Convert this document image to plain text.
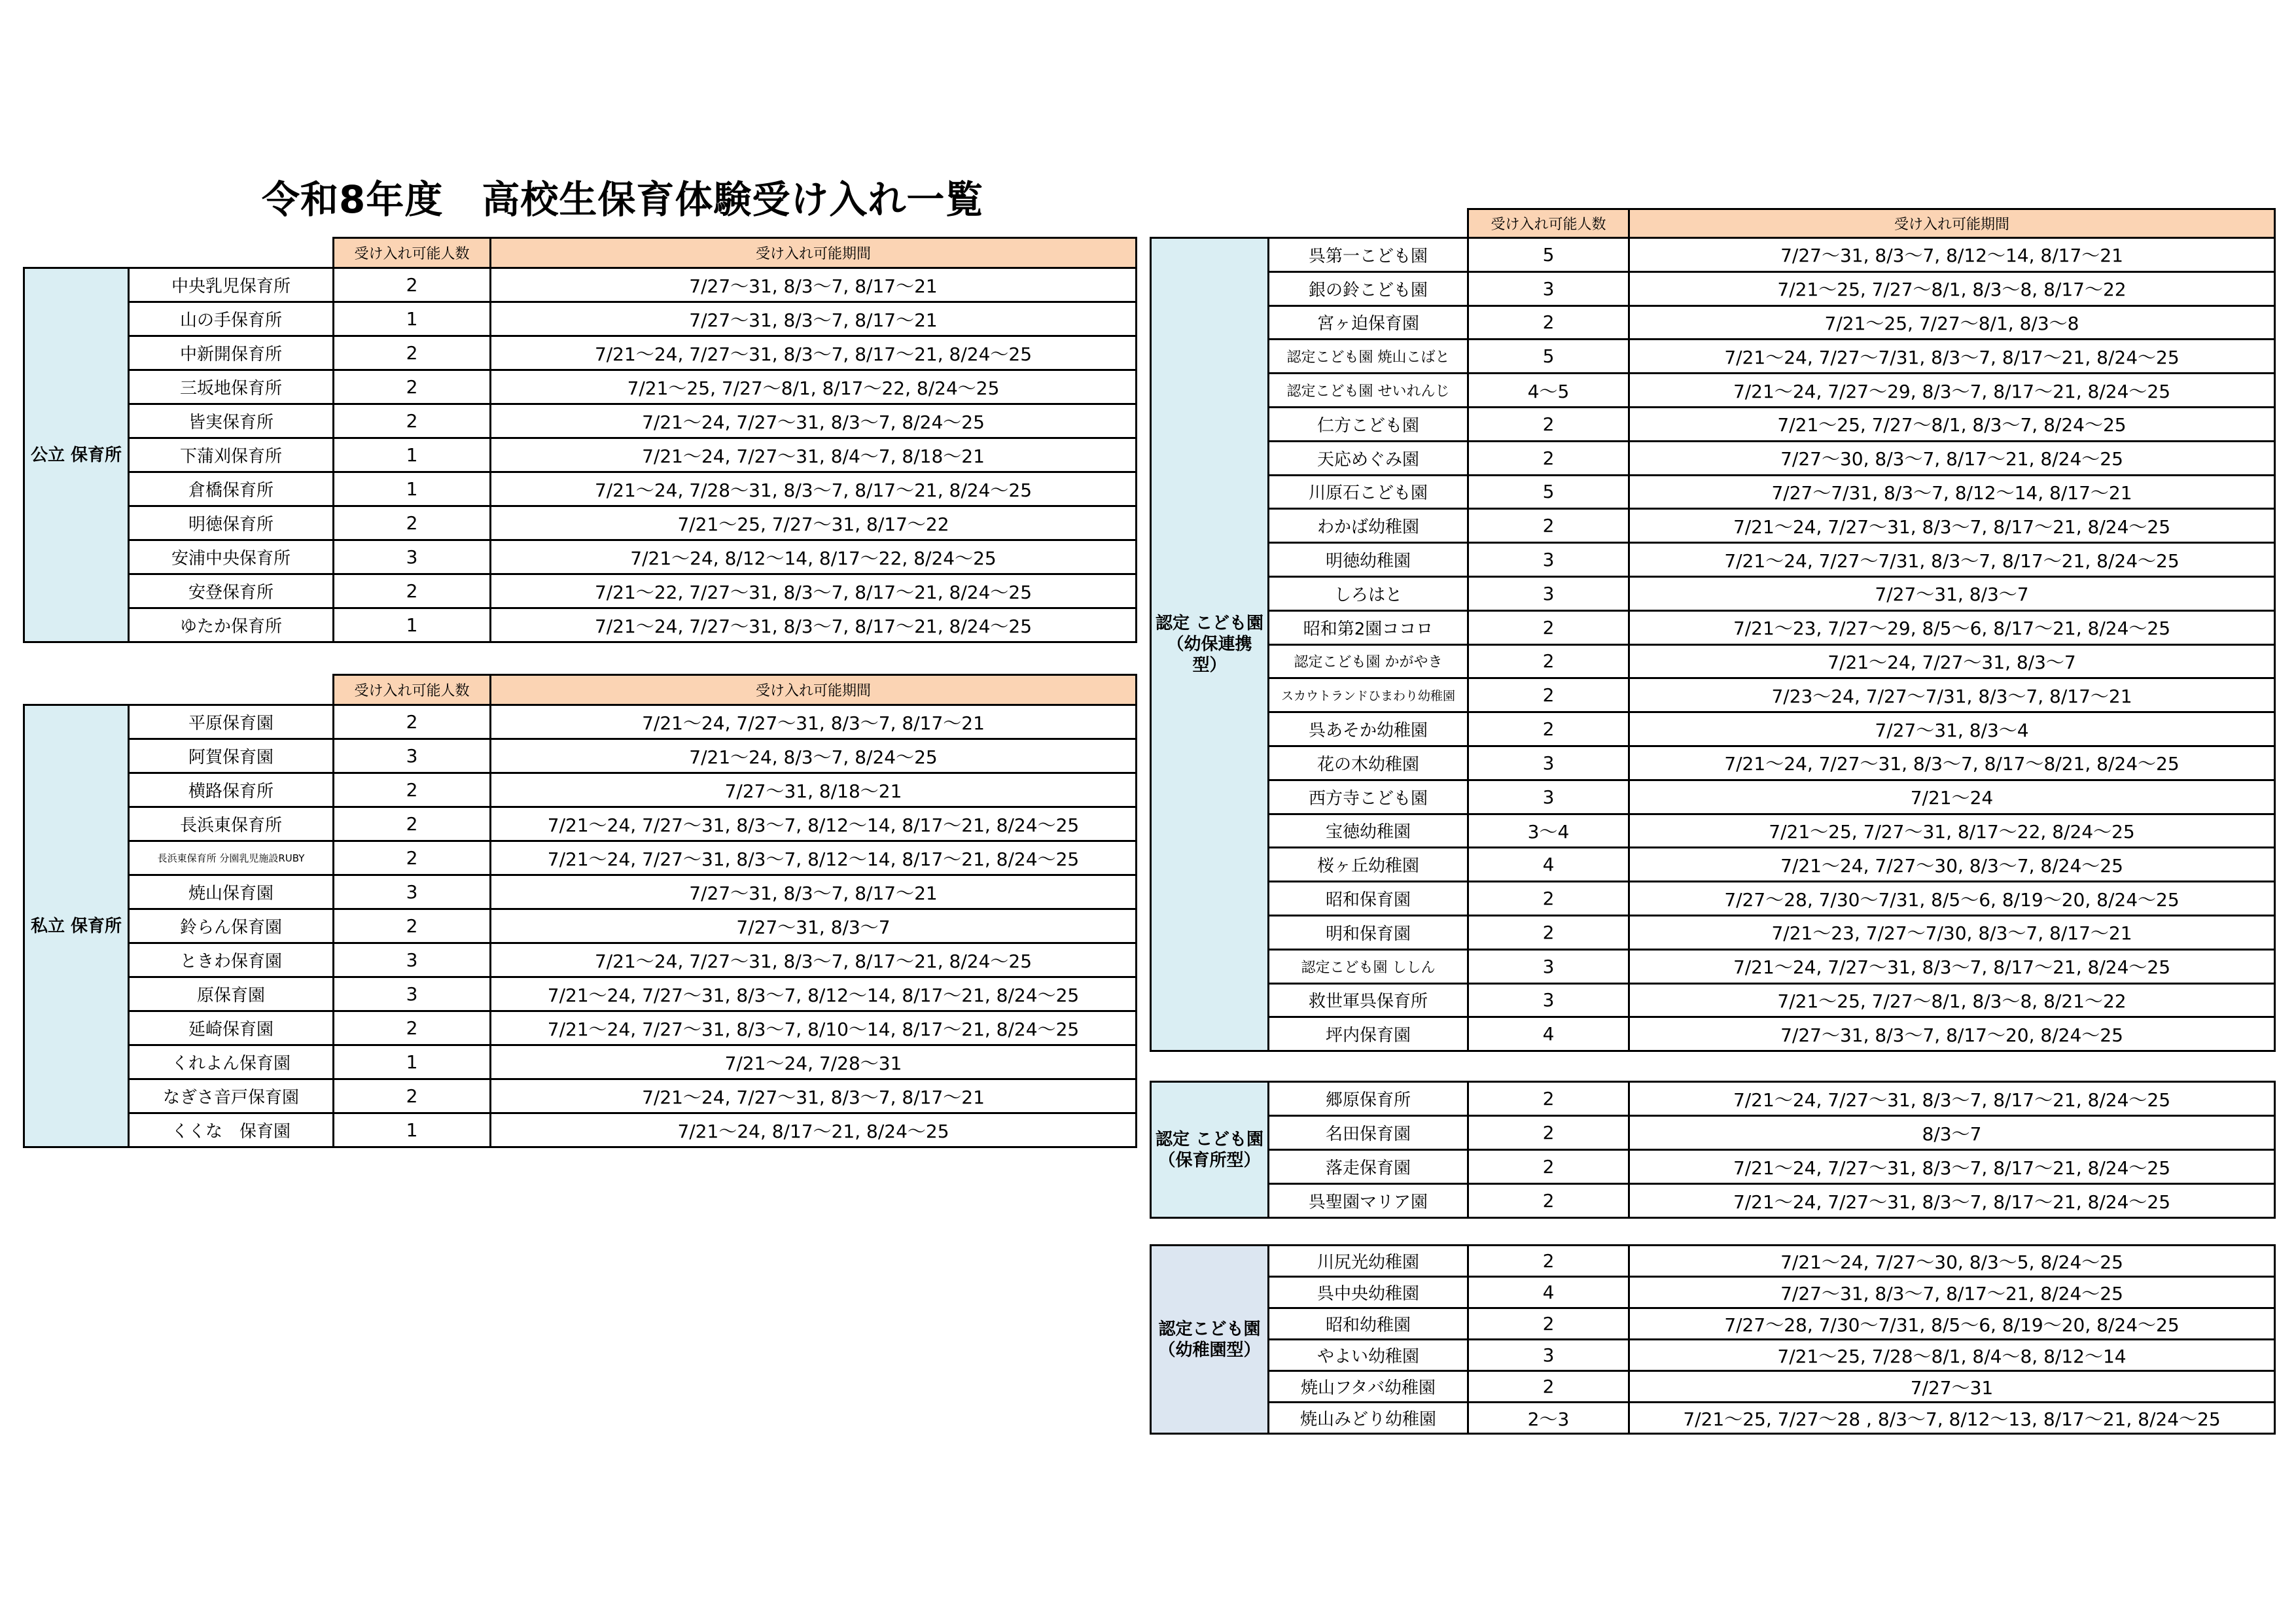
令和8年度　高校生保育体験受け入れ一覧
		受け入れ可能人数	受け入れ可能期間
公立 保育所	中央乳児保育所	2	7/27〜31, 8/3〜7, 8/17〜21
	山の手保育所	1	7/27〜31, 8/3〜7, 8/17〜21
	中新開保育所	2	7/21〜24, 7/27〜31, 8/3〜7, 8/17〜21, 8/24〜25
	三坂地保育所	2	7/21〜25, 7/27〜8/1, 8/17〜22, 8/24〜25
	皆実保育所	2	7/21〜24, 7/27〜31, 8/3〜7, 8/24〜25
	下蒲刈保育所	1	7/21〜24, 7/27〜31, 8/4〜7, 8/18〜21
	倉橋保育所	1	7/21〜24, 7/28〜31, 8/3〜7, 8/17〜21, 8/24〜25
	明徳保育所	2	7/21〜25, 7/27〜31, 8/17〜22
	安浦中央保育所	3	7/21〜24, 8/12〜14, 8/17〜22, 8/24〜25
	安登保育所	2	7/21〜22, 7/27〜31, 8/3〜7, 8/17〜21, 8/24〜25
	ゆたか保育所	1	7/21〜24, 7/27〜31, 8/3〜7, 8/17〜21, 8/24〜25
		受け入れ可能人数	受け入れ可能期間
私立 保育所	平原保育園	2	7/21〜24, 7/27〜31, 8/3〜7, 8/17〜21
	阿賀保育園	3	7/21〜24, 8/3〜7, 8/24〜25
	横路保育所	2	7/27〜31, 8/18〜21
	長浜東保育所	2	7/21〜24, 7/27〜31, 8/3〜7, 8/12〜14, 8/17〜21, 8/24〜25
	長浜東保育所 分園乳児施設RUBY	2	7/21〜24, 7/27〜31, 8/3〜7, 8/12〜14, 8/17〜21, 8/24〜25
	焼山保育園	3	7/27〜31, 8/3〜7, 8/17〜21
	鈴らん保育園	2	7/27〜31, 8/3〜7
	ときわ保育園	3	7/21〜24, 7/27〜31, 8/3〜7, 8/17〜21, 8/24〜25
	原保育園	3	7/21〜24, 7/27〜31, 8/3〜7, 8/12〜14, 8/17〜21, 8/24〜25
	延崎保育園	2	7/21〜24, 7/27〜31, 8/3〜7, 8/10〜14, 8/17〜21, 8/24〜25
	くれよん保育園	1	7/21〜24, 7/28〜31
	なぎさ音戸保育園	2	7/21〜24, 7/27〜31, 8/3〜7, 8/17〜21
	くくな　保育園	1	7/21〜24, 8/17〜21, 8/24〜25
		受け入れ可能人数	受け入れ可能期間
認定 こども園 （幼保連携 型）	呉第一こども園	5	7/27〜31, 8/3〜7, 8/12〜14, 8/17〜21
	銀の鈴こども園	3	7/21〜25, 7/27〜8/1, 8/3〜8, 8/17〜22
	宮ヶ迫保育園	2	7/21〜25, 7/27〜8/1, 8/3〜8
	認定こども園 焼山こばと	5	7/21〜24, 7/27〜7/31, 8/3〜7, 8/17〜21, 8/24〜25
	認定こども園 せいれんじ	4〜5	7/21〜24, 7/27〜29, 8/3〜7, 8/17〜21, 8/24〜25
	仁方こども園	2	7/21〜25, 7/27〜8/1, 8/3〜7, 8/24〜25
	天応めぐみ園	2	7/27〜30, 8/3〜7, 8/17〜21, 8/24〜25
	川原石こども園	5	7/27〜7/31, 8/3〜7, 8/12〜14, 8/17〜21
	わかば幼稚園	2	7/21〜24, 7/27〜31, 8/3〜7, 8/17〜21, 8/24〜25
	明徳幼稚園	3	7/21〜24, 7/27〜7/31, 8/3〜7, 8/17〜21, 8/24〜25
	しろはと	3	7/27〜31, 8/3〜7
	昭和第2園ココロ	2	7/21〜23, 7/27〜29, 8/5〜6, 8/17〜21, 8/24〜25
	認定こども園 かがやき	2	7/21〜24, 7/27〜31, 8/3〜7
	スカウトランドひまわり幼稚園	2	7/23〜24, 7/27〜7/31, 8/3〜7, 8/17〜21
	呉あそか幼稚園	2	7/27〜31, 8/3〜4
	花の木幼稚園	3	7/21〜24, 7/27〜31, 8/3〜7, 8/17〜8/21, 8/24〜25
	西方寺こども園	3	7/21〜24
	宝徳幼稚園	3〜4	7/21〜25, 7/27〜31, 8/17〜22, 8/24〜25
	桜ヶ丘幼稚園	4	7/21〜24, 7/27〜30, 8/3〜7, 8/24〜25
	昭和保育園	2	7/27〜28, 7/30〜7/31, 8/5〜6, 8/19〜20, 8/24〜25
	明和保育園	2	7/21〜23, 7/27〜7/30, 8/3〜7, 8/17〜21
	認定こども園 ししん	3	7/21〜24, 7/27〜31, 8/3〜7, 8/17〜21, 8/24〜25
	救世軍呉保育所	3	7/21〜25, 7/27〜8/1, 8/3〜8, 8/21〜22
	坪内保育園	4	7/27〜31, 8/3〜7, 8/17〜20, 8/24〜25
認定 こども園 （保育所型）	郷原保育所	2	7/21〜24, 7/27〜31, 8/3〜7, 8/17〜21, 8/24〜25
	名田保育園	2	8/3〜7
	落走保育園	2	7/21〜24, 7/27〜31, 8/3〜7, 8/17〜21, 8/24〜25
	呉聖園マリア園	2	7/21〜24, 7/27〜31, 8/3〜7, 8/17〜21, 8/24〜25
認定こども園 （幼稚園型）	川尻光幼稚園	2	7/21〜24, 7/27〜30, 8/3〜5, 8/24〜25
	呉中央幼稚園	4	7/27〜31, 8/3〜7, 8/17〜21, 8/24〜25
	昭和幼稚園	2	7/27〜28, 7/30〜7/31, 8/5〜6, 8/19〜20, 8/24〜25
	やよい幼稚園	3	7/21〜25, 7/28〜8/1, 8/4〜8, 8/12〜14
	焼山フタバ幼稚園	2	7/27〜31
	焼山みどり幼稚園	2〜3	7/21〜25, 7/27〜28 , 8/3〜7, 8/12〜13, 8/17〜21, 8/24〜25
